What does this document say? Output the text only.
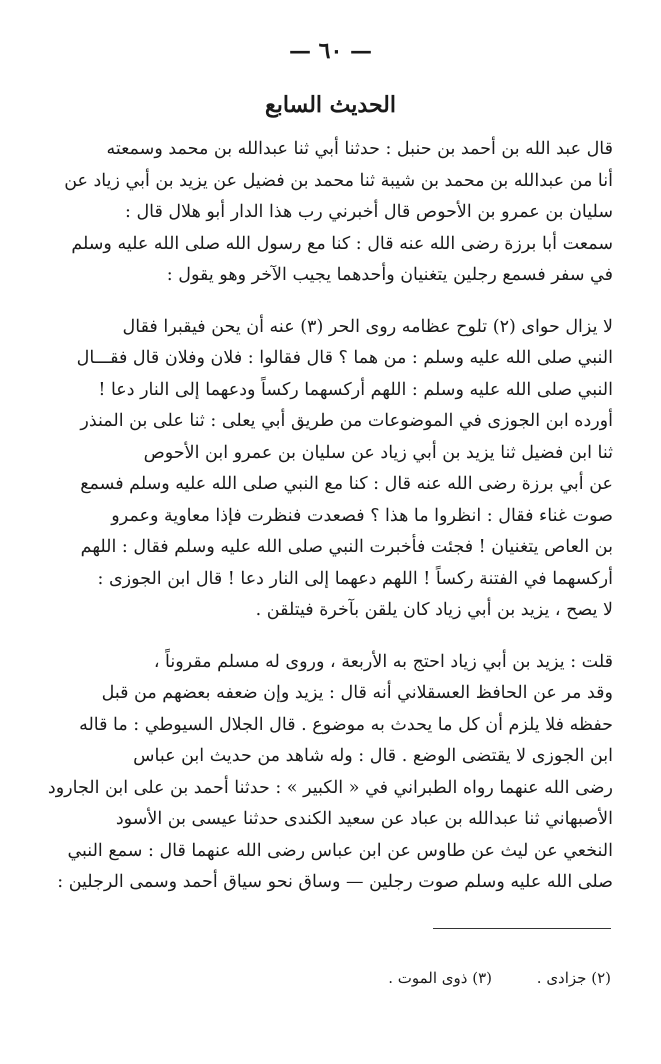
— ٦٠ —
الحديث السابع
قال عبد الله بن أحمد بن حنبل : حدثنا أبي ثنا عبدالله بن محمد وسمعته
أنا من عبدالله بن محمد بن شيبة ثنا محمد بن فضيل عن يزيد بن أبي زياد عن
سليان بن عمرو بن الأحوص قال أخبرني رب هذا الدار أبو هلال قال :
سمعت أبا برزة رضى الله عنه قال : كنا مع رسول الله صلى الله عليه وسلم
في سفر فسمع رجلين يتغنيان وأحدهما يجيب الآخر وهو يقول :
لا يزال حواى (٢) تلوح عظامه روى الحر (٣) عنه أن يحن فيقبرا فقال
النبي صلى الله عليه وسلم : من هما ؟ قال فقالوا : فلان وفلان قال فقـــال
النبي صلى الله عليه وسلم : اللهم أركسهما ركساً ودعهما إلى النار دعا !
أورده ابن الجوزى في الموضوعات من طريق أبي يعلى : ثنا على بن المنذر
ثنا ابن فضيل ثنا يزيد بن أبي زياد عن سليان بن عمرو ابن الأحوص
عن أبي برزة رضى الله عنه قال : كنا مع النبي صلى الله عليه وسلم فسمع
صوت غناء فقال : انظروا ما هذا ؟ فصعدت فنظرت فإذا معاوية وعمرو
بن العاص يتغنيان ! فجئت فأخبرت النبي صلى الله عليه وسلم فقال : اللهم
أركسهما في الفتنة ركساً ! اللهم دعهما إلى النار دعا ! قال ابن الجوزى :
لا يصح ، يزيد بن أبي زياد كان يلقن بآخرة فيتلقن .
قلت : يزيد بن أبي زياد احتج به الأربعة ، وروى له مسلم مقروناً ،
وقد مر عن الحافظ العسقلاني أنه قال : يزيد وإن ضعفه بعضهم من قبل
حفظه فلا يلزم أن كل ما يحدث به موضوع . قال الجلال السيوطي : ما قاله
ابن الجوزى لا يقتضى الوضع . قال : وله شاهد من حديث ابن عباس
رضى الله عنهما رواه الطبراني في « الكبير » : حدثنا أحمد بن على ابن الجارود
الأصبهاني ثنا عبدالله بن عباد عن سعيد الكندى حدثنا عيسى بن الأسود
النخعي عن ليث عن طاوس عن ابن عباس رضى الله عنهما قال : سمع النبي
صلى الله عليه وسلم صوت رجلين — وساق نحو سياق أحمد وسمى الرجلين :
(٢) جزادى . (٣) ذوى الموت .
